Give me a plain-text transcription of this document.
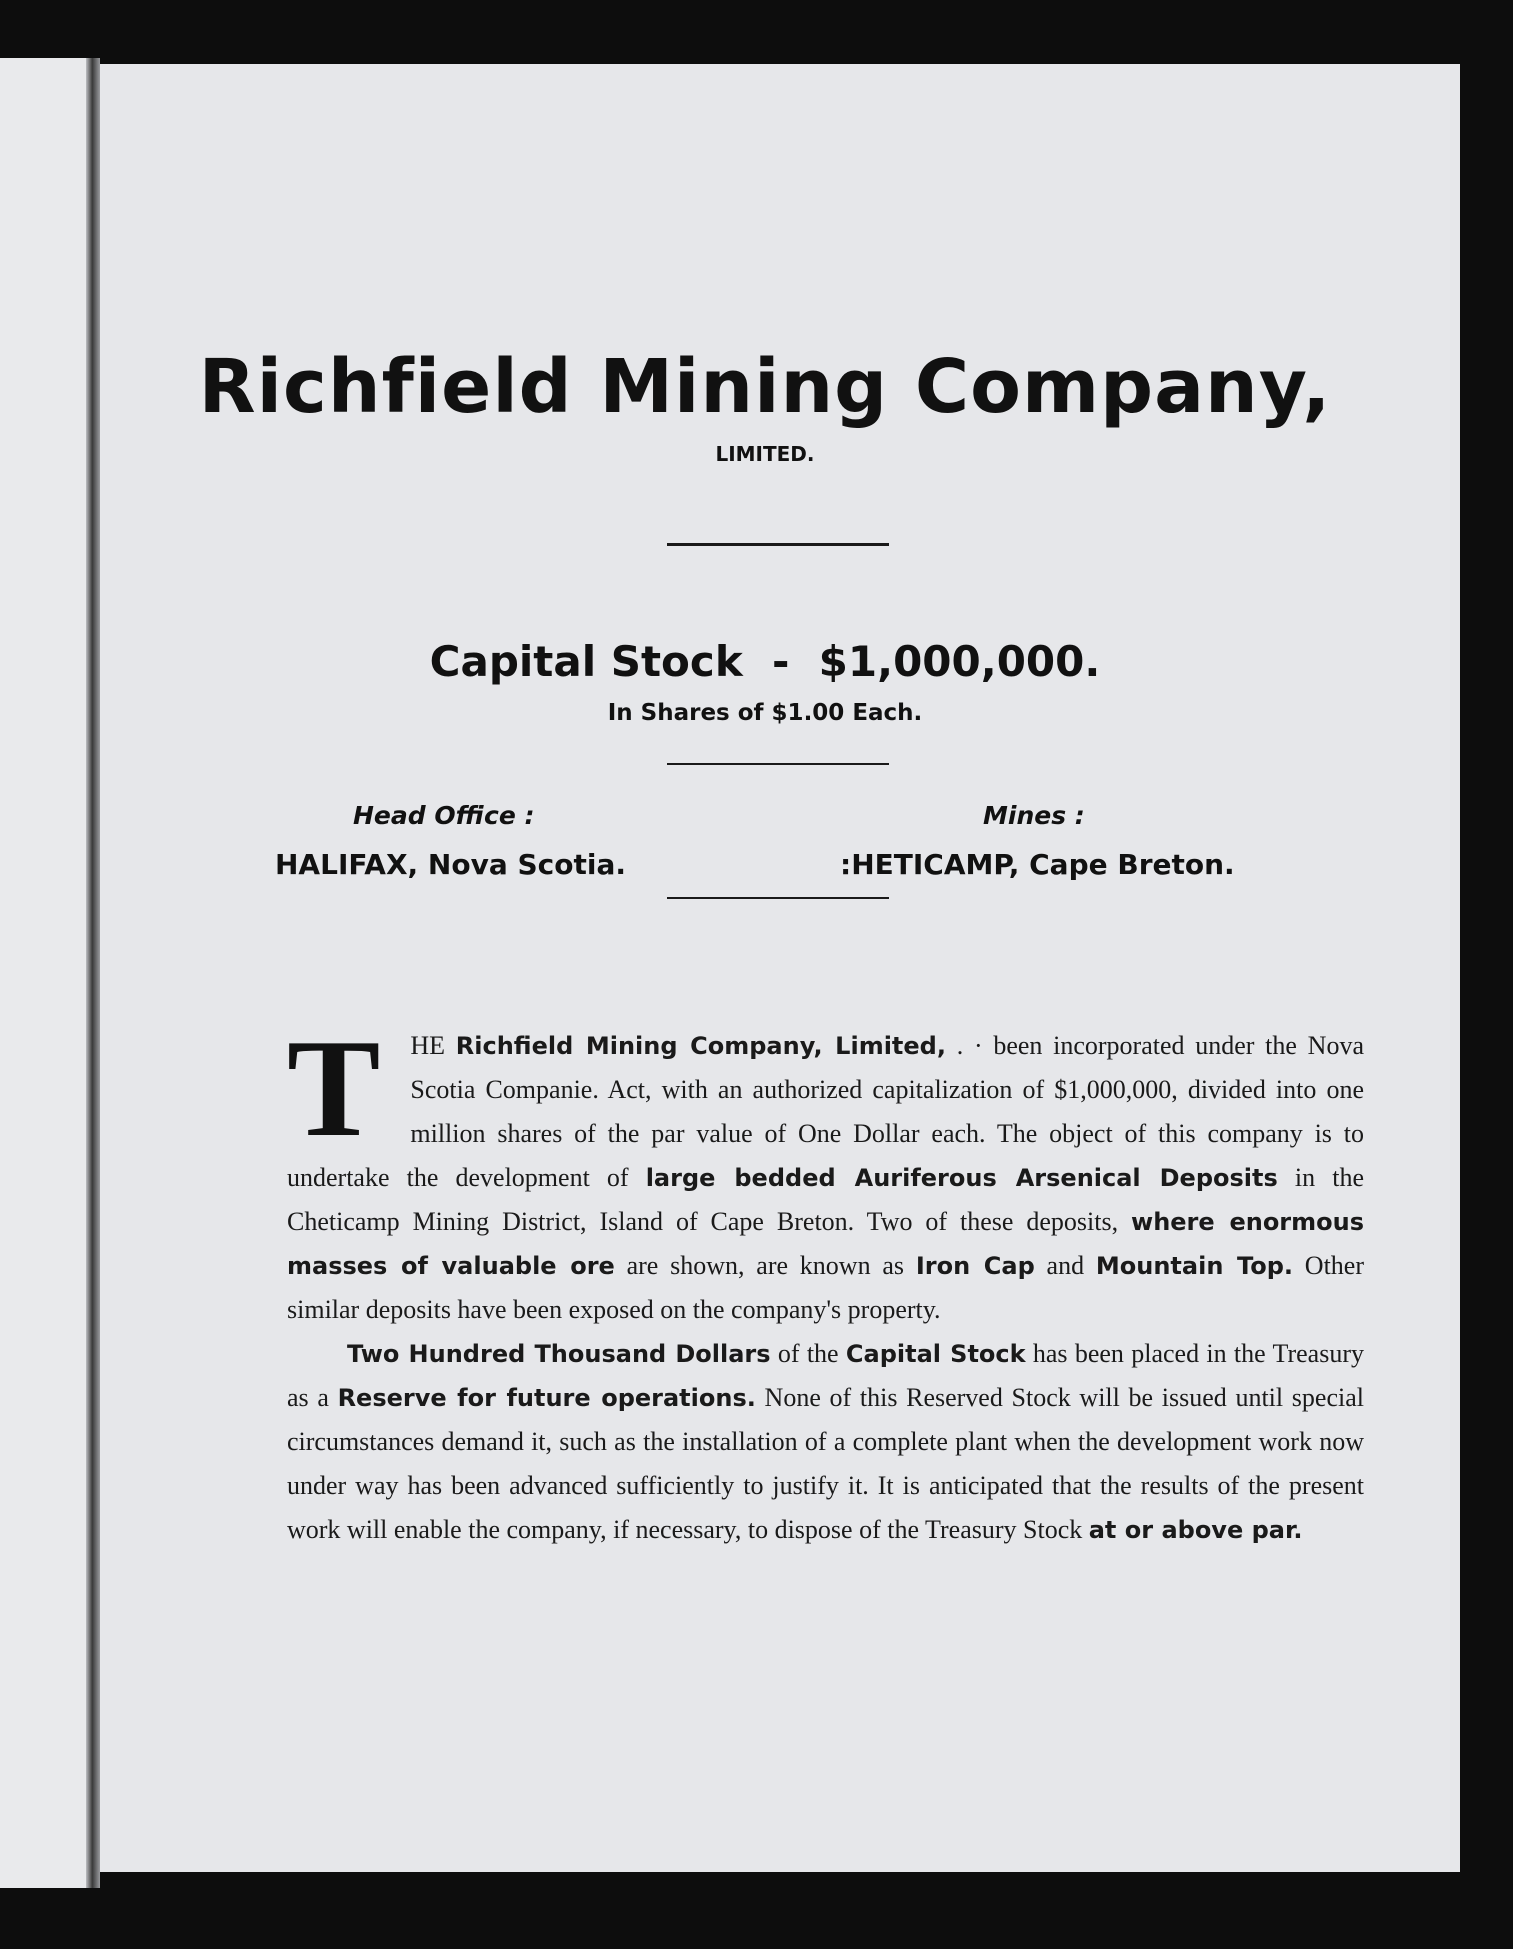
Richfield Mining Company,
LIMITED.
Capital Stock  -  $1,000,000.
In Shares of $1.00 Each.
Head Office :
HALIFAX, Nova Scotia.
Mines :
:HETICAMP, Cape Breton.

T HE Richfield Mining Company, Limited, . · been incorporated under the Nova Scotia Companie. Act, with an authorized capitalization of $1,000,000, divided into one million shares of the par value of One Dollar each. The object of this company is to undertake the development of large bedded Auriferous Arsenical Deposits in the Cheticamp Mining District, Island of Cape Breton. Two of these deposits, where enormous masses of valuable ore are shown, are known as Iron Cap and Mountain Top. Other similar deposits have been exposed on the company's property.

Two Hundred Thousand Dollars of the Capital Stock has been placed in the Treasury as a Reserve for future operations. None of this Reserved Stock will be issued until special circumstances demand it, such as the installation of a complete plant when the development work now under way has been advanced sufficiently to justify it. It is anticipated that the results of the present work will enable the company, if necessary, to dispose of the Treasury Stock at or above par.
